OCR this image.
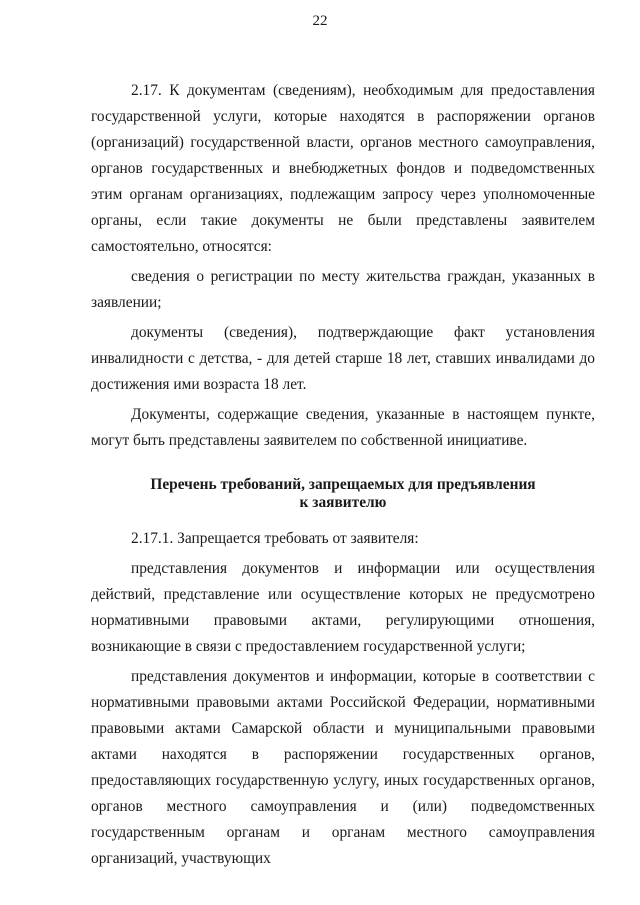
22

2.17. К документам (сведениям), необходимым для предоставления государственной услуги, которые находятся в распоряжении органов (организаций) государственной власти, органов местного самоуправления, органов государственных и внебюджетных фондов и подведомственных этим органам организациях, подлежащим запросу через уполномоченные органы, если такие документы не были представлены заявителем самостоятельно, относятся:

сведения о регистрации по месту жительства граждан, указанных в заявлении;

документы (сведения), подтверждающие факт установления инвалидности с детства, - для детей старше 18 лет, ставших инвалидами до достижения ими возраста 18 лет.

Документы, содержащие сведения, указанные в настоящем пункте, могут быть представлены заявителем по собственной инициативе.

Перечень требований, запрещаемых для предъявления
к заявителю

2.17.1. Запрещается требовать от заявителя:

представления документов и информации или осуществления действий, представление или осуществление которых не предусмотрено нормативными правовыми актами, регулирующими отношения, возникающие в связи с предоставлением государственной услуги;

представления документов и информации, которые в соответствии с нормативными правовыми актами Российской Федерации, нормативными правовыми актами Самарской области и муниципальными правовыми актами находятся в распоряжении государственных органов, предоставляющих государственную услугу, иных государственных органов, органов местного самоуправления и (или) подведомственных государственным органам и органам местного самоуправления организаций, участвующих
